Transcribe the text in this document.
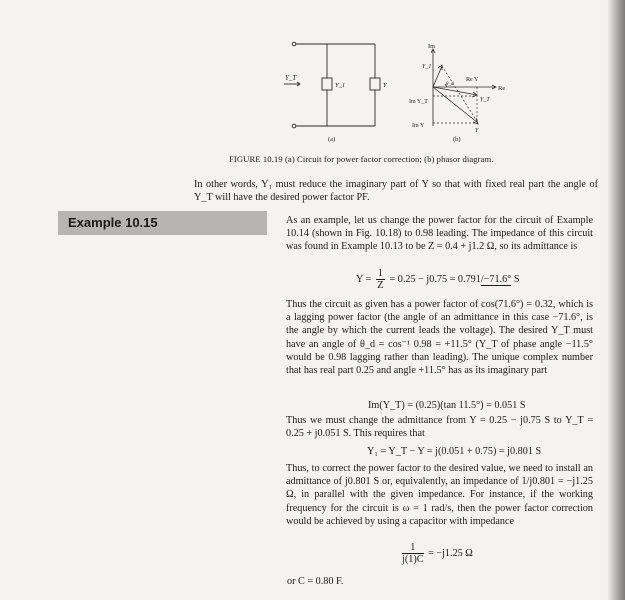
Y_T
Y_1	Y
(a)
Im
Re
Re Y
Im Y_T
Im Y
Y_T
Y_1
Y
θ_d
(b)
FIGURE 10.19 (a) Circuit for power factor correction; (b) phasor diagram.
In other words, Y₁ must reduce the imaginary part of Y so that with fixed real part the angle of Y_T will have the desired power factor PF.
Example 10.15	As an example, let us change the power factor for the circuit of Example 10.14 (shown in Fig. 10.18) to 0.98 leading. The impedance of this circuit was found in Example 10.13 to be Z = 0.4 + j1.2 Ω, so its admittance is
$Y = \frac{1}{Z} = 0.25 - j0.75 = 0.791/-71.6^\circ$ S
Thus the circuit as given has a power factor of cos(71.6°) = 0.32, which is a lagging power factor (the angle of an admittance in this case −71.6°, is the angle by which the current leads the voltage). The desired Y_T must have an angle of θ_d = cos⁻¹ 0.98 = +11.5° (Y_T of phase angle −11.5° would be 0.98 lagging rather than leading). The unique complex number that has real part 0.25 and angle +11.5° has as its imaginary part
Im(Y_T) = (0.25)(tan 11.5°) = 0.051 S
Thus we must change the admittance from Y = 0.25 − j0.75 S to Y_T = 0.25 + j0.051 S. This requires that
Y₁ = Y_T − Y = j(0.051 + 0.75) = j0.801 S
Thus, to correct the power factor to the desired value, we need to install an admittance of j0.801 S or, equivalently, an impedance of 1/j0.801 = −j1.25 Ω, in parallel with the given impedance. For instance, if the working frequency for the circuit is ω = 1 rad/s, then the power factor correction would be achieved by using a capacitor with impedance
$\frac{1}{j(1)C} = -j1.25$ Ω
or C = 0.80 F.
